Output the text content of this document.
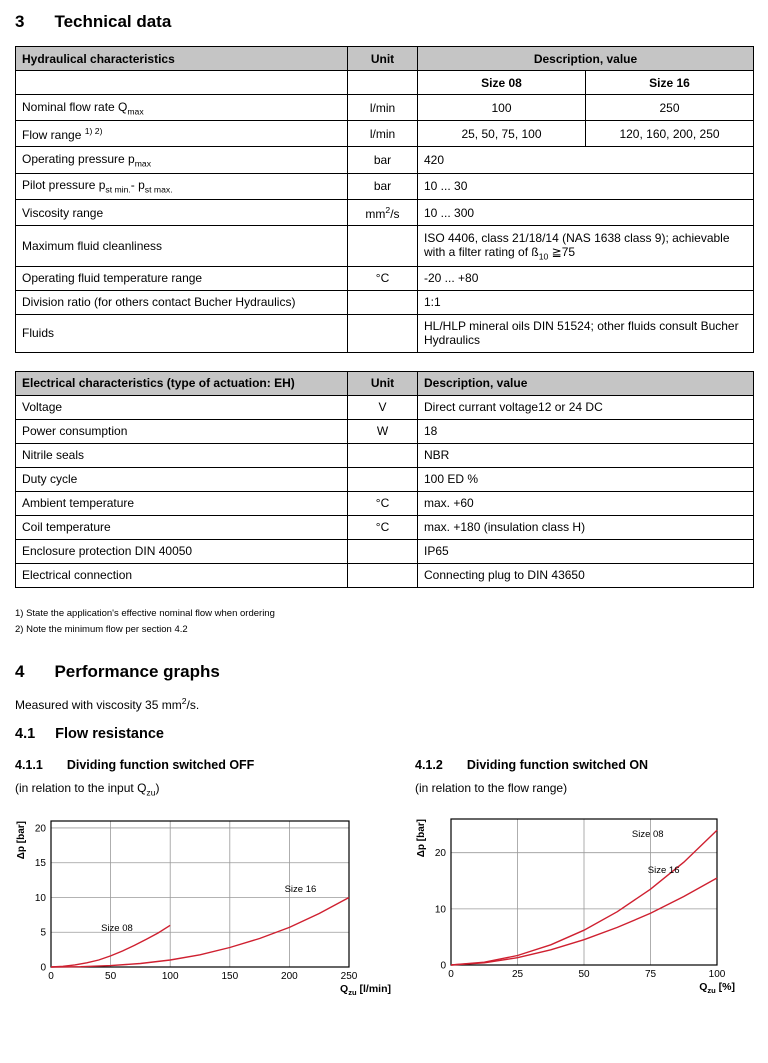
3 Technical data
Hydraulical characteristics	Unit	Description, value	
		Size 08	Size 16
Nominal flow rate $Q_{max}$	l/min	100	250
Flow range $^{1) 2)}$	l/min	25, 50, 75, 100	120, 160, 200, 250
Operating pressure $p_{max}$	bar	420	
Pilot pressure $p_{st min.}-$ $p_{st max.}$	bar	10 ... 30	
Viscosity range	$mm^2/s$	10 ... 300	
Maximum fluid cleanliness		ISO 4406, class 21/18/14 (NAS 1638 class 9); achievable with a filter rating of $ß_{10}$ ≧75	
Operating fluid temperature range	°C	-20 ... +80	
Division ratio (for others contact Bucher Hydraulics)		1:1	
Fluids		HL/HLP mineral oils DIN 51524; other fluids consult Bucher Hydraulics	
Electrical characteristics (type of actuation: EH)	Unit	Description, value
Voltage	V	Direct currant voltage12 or 24 DC
Power consumption	W	18
Nitrile seals		NBR
Duty cycle		100 ED %
Ambient temperature	°C	max. +60
Coil temperature	°C	max. +180 (insulation class H)
Enclosure protection DIN 40050		IP65
Electrical connection		Connecting plug to DIN 43650
1) State the application's effective nominal flow when ordering
2) Note the minimum flow per section 4.2
4 Performance graphs
Measured with viscosity 35 $mm^2/s$.
4.1 Flow resistance
4.1.1 Dividing function switched OFF
(in relation to the input $Q_{zu}$)
Size 08
Size 16
0	50	100	150	200	250
0
5
10
15
20
Δp [bar]
$Q_{zu}$ [l/min]
4.1.2 Dividing function switched ON
(in relation to the flow range)
Size 08
Size 16
0	25	50	75	100
0
10
20
Δp [bar]
$Q_{zu}$ [%]
